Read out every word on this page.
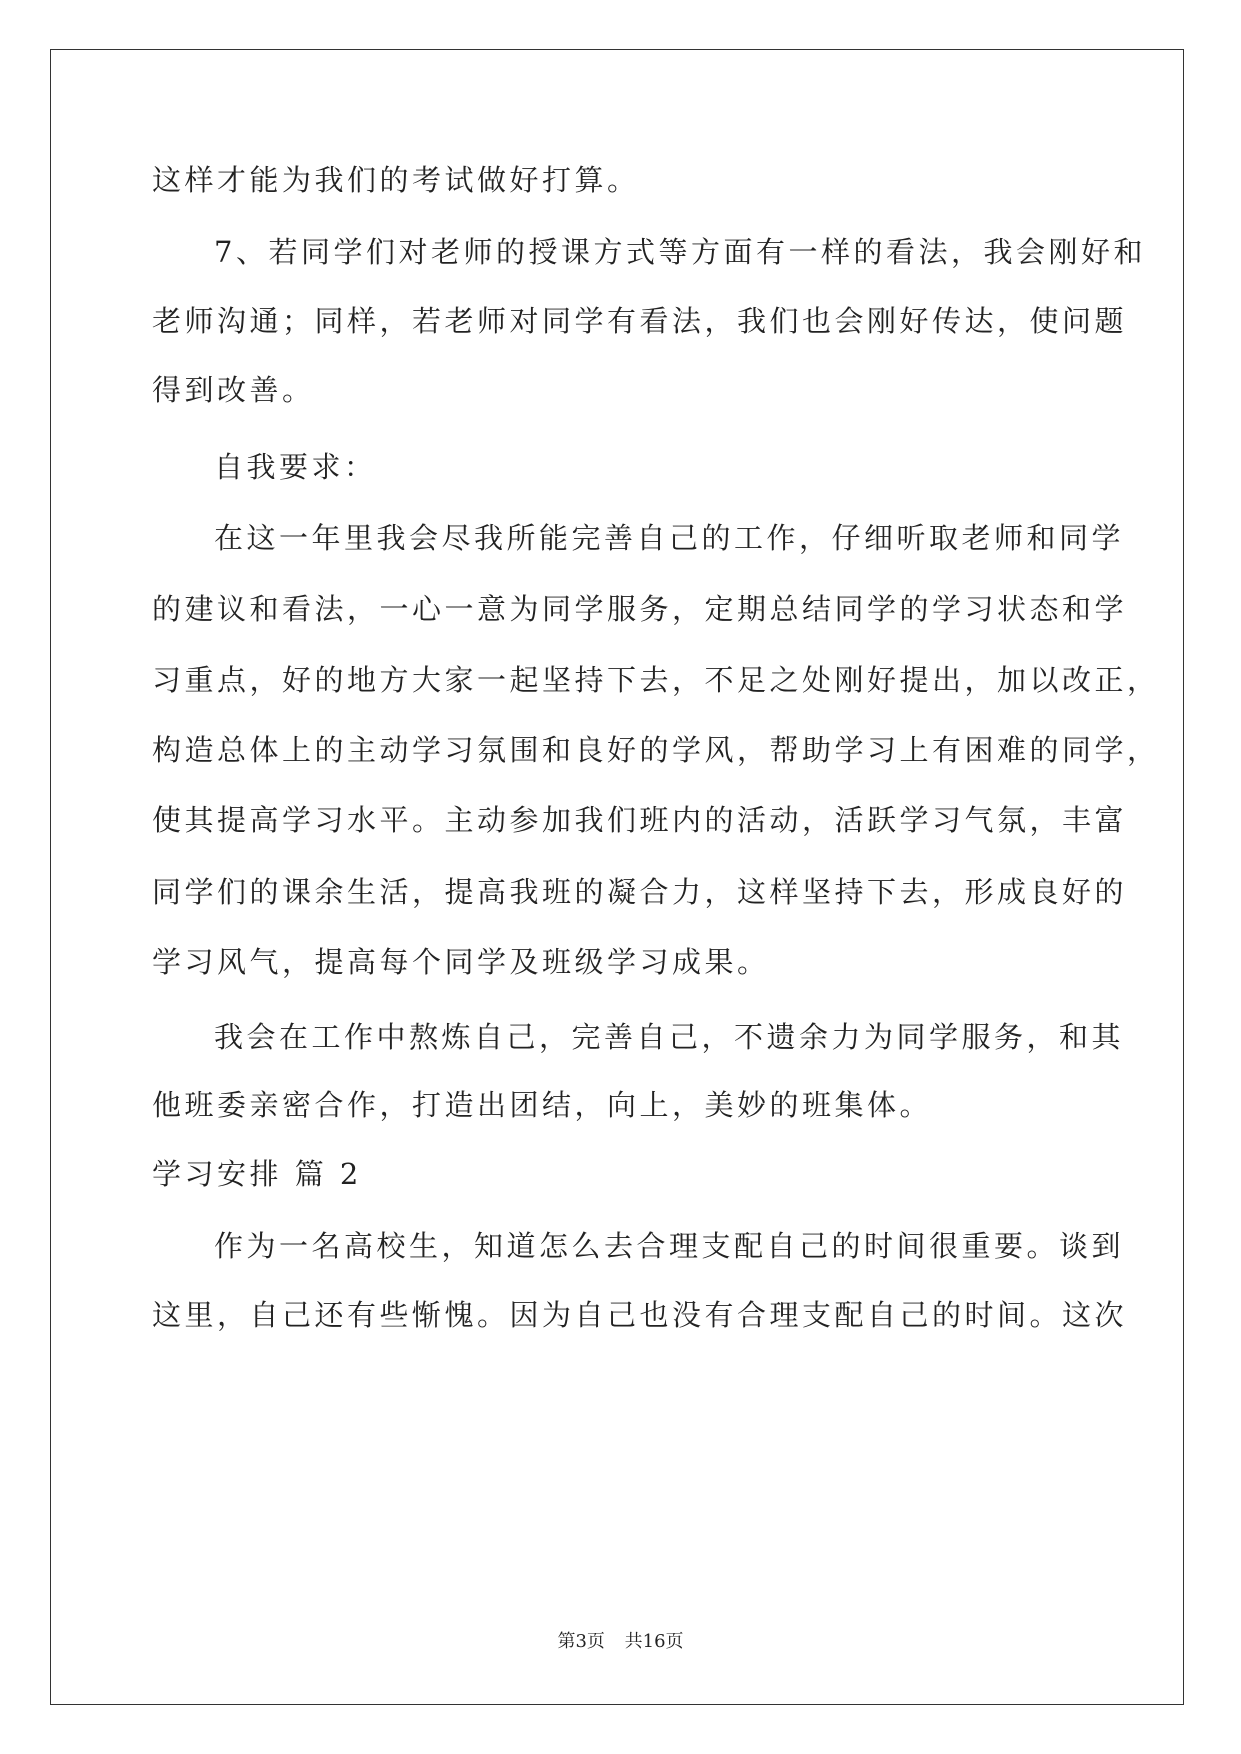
这样才能为我们的考试做好打算。
7、若同学们对老师的授课方式等方面有一样的看法，我会刚好和
老师沟通；同样，若老师对同学有看法，我们也会刚好传达，使问题
得到改善。
自我要求：
在这一年里我会尽我所能完善自己的工作，仔细听取老师和同学
的建议和看法，一心一意为同学服务，定期总结同学的学习状态和学
习重点，好的地方大家一起坚持下去，不足之处刚好提出，加以改正，
构造总体上的主动学习氛围和良好的学风，帮助学习上有困难的同学，
使其提高学习水平。主动参加我们班内的活动，活跃学习气氛，丰富
同学们的课余生活，提高我班的凝合力，这样坚持下去，形成良好的
学习风气，提高每个同学及班级学习成果。
我会在工作中熬炼自己，完善自己，不遗余力为同学服务，和其
他班委亲密合作，打造出团结，向上，美妙的班集体。
学习安排 篇 2
作为一名高校生，知道怎么去合理支配自己的时间很重要。谈到
这里，自己还有些惭愧。因为自己也没有合理支配自己的时间。这次
第3页 共16页
